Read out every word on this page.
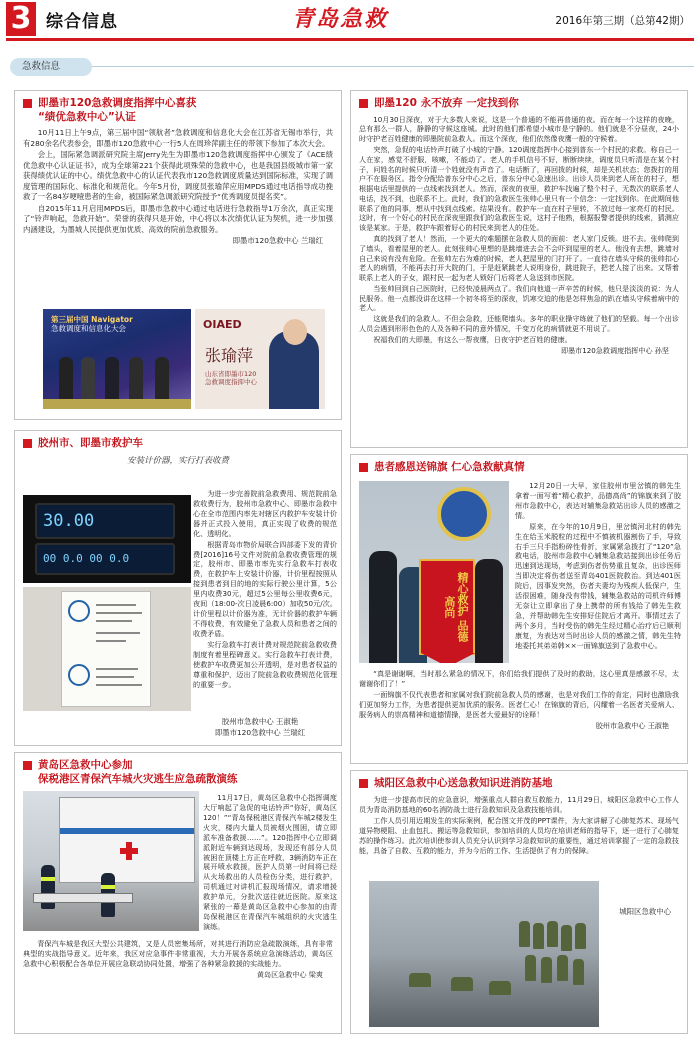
3 综合信息	青岛急救	2016年第三期（总第42期）
急救信息
即墨市120急救调度指挥中心喜获
“绩优急救中心”认证

10月11日上午9点，第三届中国“领航者”急救调度和信息化大会在江苏省无锡市举行，共有280余名代表参会，即墨市120急救中心一行5人在周珍萍副主任的带领下参加了本次大会。

会上，国际紧急调派研究院主席Jerry先生为即墨市120急救调度指挥中心颁发了《ACE绩优急救中心认证证书》，成为全球第221个获得此项殊荣的急救中心，也是我国县级城市第一家获得绩优认证的中心。绩优急救中心的认证代表我市120急救调度质量达到国际标准，实现了调度管理的国际化、标准化和规范化。今年5月份，调度员张瑜萍应用MPDS通过电话指导成功挽救了一名84岁哽噎患者的生命，被国际紧急调派研究院授予“优秀调度员提名奖”。

自2015年11月启用MPDS后，即墨市急救中心通过电话进行急救指导1万余次，真正实现了“铃声响起，急救开始”。荣誉的获得只是开始，中心将以本次绩优认证为契机，进一步加强内涵建设，为墨城人民提供更加优质、高效的院前急救服务。

即墨市120急救中心 兰瑞红
第三届中国 Navigator
急救调度和信息化大会	OIAED
张瑜萍
山东省即墨市120
急救调度指挥中心
即墨120 永不放弃 一定找到你

10月30日深夜，对于大多数人来说，这是一个普通的不能再普通的夜。而在每一个这样的夜晚，总有那么一群人，静静的守候这座城。此时的他们都希望小城市是宁静的。他们就是不分昼夜，24小时守护老百姓健康的即墨院前急救人。而这个深夜，他们依然像夜鹰一般的守候着。

突然，急促的电话铃声打破了小城的宁静。120调度指挥中心接到普东一个村民的求救。称自己一人在家，感觉不舒服，咳嗽，不能动了。老人的手机信号不好，断断续续，调度员只听清是在某个村子，问姓名的时候只听清一个姓就没有声音了。电话断了，再回拨的时候，却是关机状态；您拨打的用户不在服务区。指令分配给普东分中心之后，普东分中心急速出诊。出诊人员来到老人所在的村子，想根据电话里提供的一点线索找到老人。然而，深夜的夜里，救护车找遍了整个村子，无数次的联系老人电话，找不到，也联系不上。此时，我们的急救医生张帅心里只有一个信念：一定找到你。在此期间他联系了他的同事，想从中找到点线索。结果没有。救护车一直在村子里转，不放过每一家亮灯的村民。这时，有一个好心的村民在深夜里跟我们的急救医生说，这村子他熟，根据报警者提供的线索，猜测应该是某家。于是，救护车跟着好心的村民来到老人的住处。

真的找到了老人！然而，一个更大的难题摆在急救人员的面前：老人家门反锁。进不去。张帅爬到了墙头，看着屋里的老人。此刻张帅心里想的是跳墙进去会不会吓到屋里的老人。他没有去想，跳墙对自己来说有没有危险。在张帅左右为难的时候，老人把屋里的门打开了。一直待在墙头守候的张帅扣心老人的病情，不能再去打开大院的门，于是赶紧跳老人说明身份，跳进院子，把老人接了出来。又帮着联系上老人的子女，跟村民一起为老人锁好门后将老人急送到市医院。

当张帅回到自己医院时，已经快凌晨两点了。我们向他道一声辛苦的时候，他只是淡淡的说：为人民服务。他一点都没讲在这样一个初冬将至的深夜，饥寒交迫的他是怎样焦急的趴在墙头守候着病中的老人。

这就是我们的急救人。不但会急救，还能爬墙头。多年的职业操守练就了他们的坚毅。每一个出诊人员会遇到形形色色的人及各种不同的意外情况，千变万化的病情就更不用说了。

祝福我们的大即墨，有这么一帮夜鹰，日夜守护老百姓的健康。

即墨市120急救调度指挥中心 孙坚
胶州市、即墨市救护车
安装计价器，实行打表收费
30.00
00 0.0 00 0.0

为进一步完善院前急救费用、规范院前急救收费行为，胶州市急救中心、即墨市急救中心在全市范围内率先对辖区内救护车安装计价器并正式投入使用，真正实现了收费的规范化、透明化。

根据青岛市物价局联合四部委下发的青价费[2016]16号文件对院前急救收费管理的规定，胶州市、即墨市率先实行急救车打表收费，在救护车上安装计价器，计价里程按照从接到患者到目的地的实际行驶公里计算，5公里内收费30元，超过5公里每公里收费6元，夜间（18:00-次日凌晨6:00）加收50元/次。计价里程以计价器为准，无计价器的救护车辆不得收费，有效避免了急救人员和患者之间的收费矛盾。

实行急救车打表计费对规范院前急救收费制度有着里程碑意义。实行急救车打表计费，使救护车收费更加公开透明，是对患者权益的尊重和保护，迈出了院前急救收费规范化管理的重要一步。

胶州市急救中心 王淑艳
即墨市120急救中心 兰瑞红
患者感恩送锦旗 仁心急救献真情
精心救护 品德高尚

12月20日一大早，家住胶州市里岔镇的韩先生拿着一面写着“精心救护，品德高尚”的锦旗来到了胶州市急救中心，表达对辅集急救站出诊人员的感激之情。

原来，在今年的10月9日，里岔镇河北村的韩先生在给玉米脱粒的过程中不慎被机器割伤了手，导致右手三只手指粉碎性骨折，家属紧急拨打了“120”急救电话，胶州市急救中心辅集急救站接到出诊任务后迅速到达现场，考虑到伤者伤势重且复杂，出诊医师当即决定将伤者送至青岛401医院救治。到达401医院后，因事发突然，伤者夫妻均为残疾人低保户，生活很困难，随身没有带钱，辅集急救站的司机许师傅无奈让立即拿出了身上携带的所有钱给了韩先生救急，并帮助韩先生安排好住院后才离开。事情过去了两个多月，当时受伤的韩先生经过精心治疗后已顺利康复，为表达对当时出诊人员的感激之情，韩先生特地委托其弟弟韩××一面锦旗送到了急救中心。

“真是谢谢啊，当时那么紧急的情况下，你们给我们提供了及时的救助，这心里真是感激不尽，太谢谢你们了！”

一面锦旗不仅代表患者和家属对我们院前急救人员的感谢，也是对我们工作的肯定，同时也激励我们更加努力工作，为患者提供更加优质的服务。医者仁心！在锦旗的背后，闪耀着一名医者关爱病人、服务病人的崇高精神和道德情操，是医者大爱最好的诠释！

胶州市急救中心 王淑艳
黄岛区急救中心参加
保税港区青保汽车城火灾逃生应急疏散演练

11月17日，黄岛区急救中心指挥调度大厅响起了急促的电话铃声“你好，黄岛区120！”“青岛保税港区青保汽车城2楼发生火灾，楼内大量人员被烟火围困，请立即派车准备救援……”。120指挥中心立即调派附近车辆到达现场，发现还有部分人员被困在顶楼上方正在呼救，3辆消防车正在展开喷水救援，医护人员第一时间将已经从火场救出的人员检伤分类，进行救护，司机通过对讲机汇报现场情况，请求增援救护单元，分批次送往就近医院。原来这紧张的一幕是黄岛区急救中心参加的由青岛保税港区在青保汽车城组织的火灾逃生演练。

青保汽车城是我区大型公共建筑，又是人员密集场所，对其进行消防应急疏散演练，具有非常典型的实战指导意义。近年来，我区对应急事件非常重视，大力开展各系统应急演练活动，黄岛区急救中心积极配合各单位开展应急联动协同处置，增强了各种紧急救援的实战能力。

黄岛区急救中心 梁爽
城阳区急救中心送急救知识进消防基地

为进一步提高市民的应急意识，增强重点人群自救互救能力，11月29日，城阳区急救中心工作人员为青岛消防基地的60名消防战士进行急救知识及急救技能培训。

工作人员引用近期发生的实际案例，配合图文并茂的PPT课件，为大家讲解了心肺复苏术、现场气道异物梗阻、止血包扎、搬运等急救知识，参加培训的人员均在培训老师的指导下，逐一进行了心肺复苏的操作练习。此次培训使参训人员充分认识到学习急救知识的重要性，通过培训掌握了一定的急救技能，具备了自救、互救的能力，并为今后的工作、生活提供了有力的保障。

城阳区急救中心
